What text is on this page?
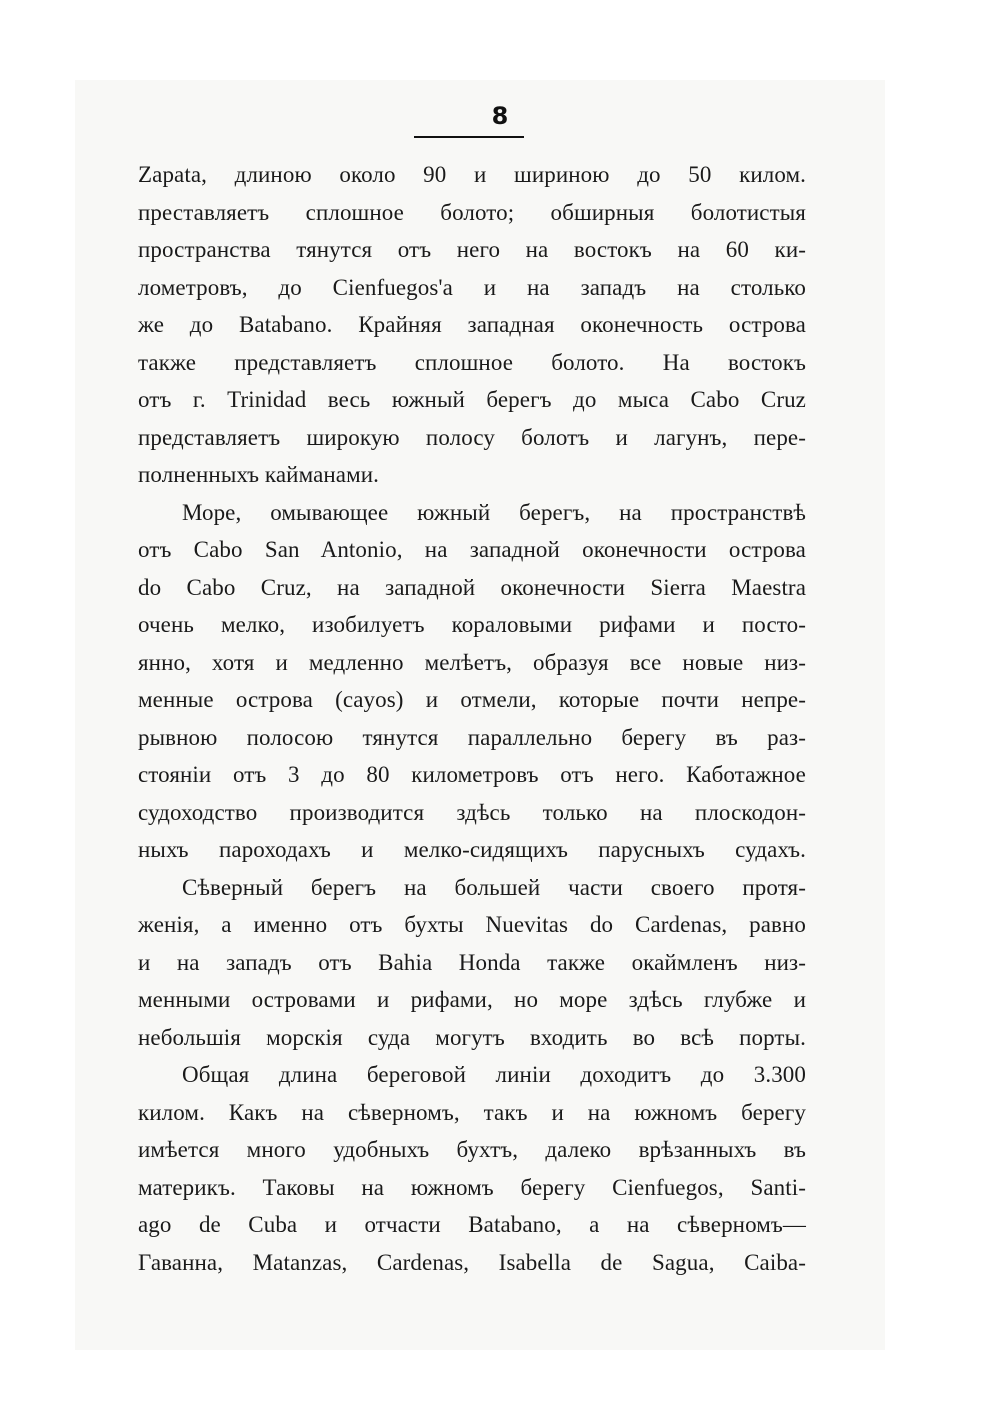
8
Zapata, длиною около 90 и шириною до 50 килом.
преставляетъ сплошное болото; обширныя болотистыя
пространства тянутся отъ него на востокъ на 60 ки-
лометровъ, до Cienfuegos'а и на западъ на столько
же до Batabano. Крайняя западная оконечность острова
также представляетъ сплошное болото. На востокъ
отъ г. Trinidad весь южный берегъ до мыса Cabo Cruz
представляетъ широкую полосу болотъ и лагунъ, пере-
полненныхъ кайманами.
Море, омывающее южный берегъ, на пространствѣ
отъ Cabo San Antonio, на западной оконечности острова
do Cabo Cruz, на западной оконечности Sierra Maestra
очень мелко, изобилуетъ кораловыми рифами и посто-
янно, хотя и медленно мелѣетъ, образуя все новые низ-
менные острова (cayos) и отмели, которые почти непре-
рывною полосою тянутся параллельно берегу въ раз-
стоянiи отъ 3 до 80 километровъ отъ него. Каботажное
судоходство производится здѣсь только на плоскодон-
ныхъ пароходахъ и мелко-сидящихъ парусныхъ судахъ.
Сѣверный берегъ на большей части своего протя-
женiя, а именно отъ бухты Nuevitas do Cardenas, равно
и на западъ отъ Bahia Honda также окаймленъ низ-
менными островами и рифами, но море здѣсь глубже и
небольшiя морскiя суда могутъ входить во всѣ порты.
Общая длина береговой линiи доходитъ до 3.300
килом. Какъ на сѣверномъ, такъ и на южномъ берегу
имѣется много удобныхъ бухтъ, далеко врѣзанныхъ въ
материкъ. Таковы на южномъ берегу Cienfuegos, Santi-
ago de Cuba и отчасти Batabano, а на сѣверномъ—
Гаванна, Matanzas, Cardenas, Isabella de Sagua, Caiba-
